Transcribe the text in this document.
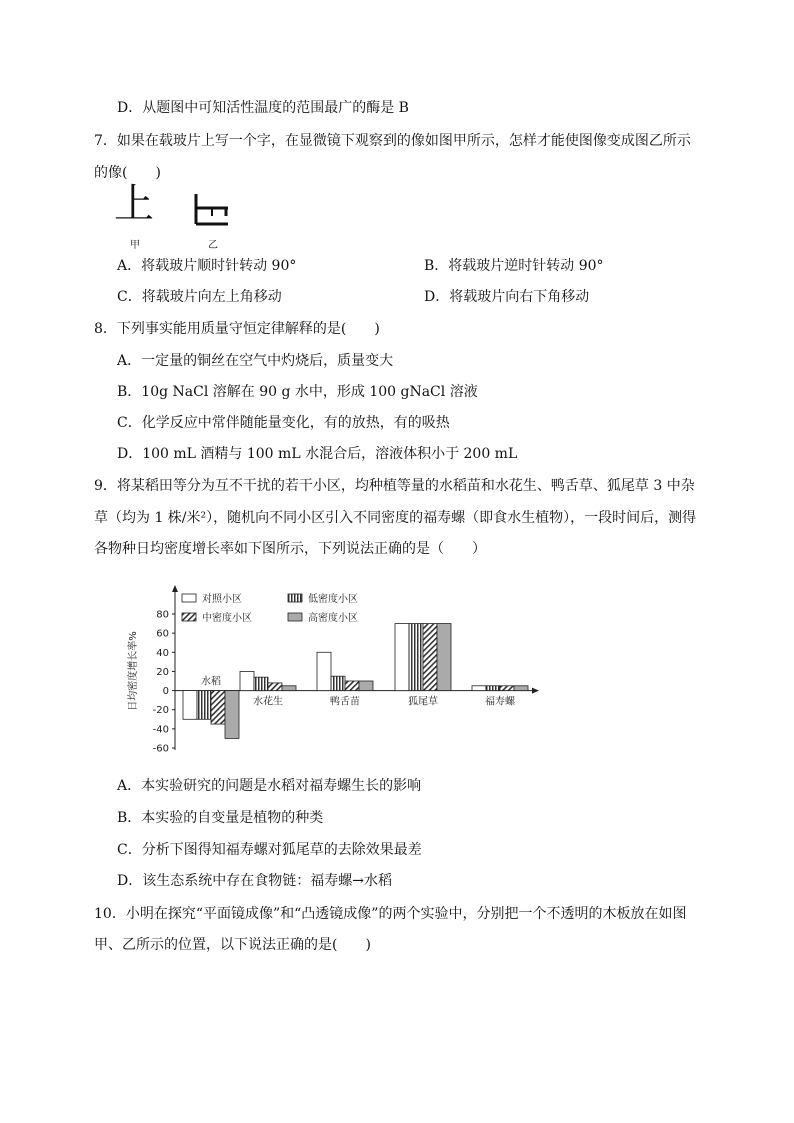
D．从题图中可知活性温度的范围最广的酶是 B
7．如果在载玻片上写一个字，在显微镜下观察到的像如图甲所示，怎样才能使图像变成图乙所示
的像(　　)
上
甲	乙
A．将载玻片顺时针转动 90°	B．将载玻片逆时针转动 90°
C．将载玻片向左上角移动	D．将载玻片向右下角移动
8．下列事实能用质量守恒定律解释的是(　　)
A．一定量的铜丝在空气中灼烧后，质量变大
B．10g NaCl 溶解在 90 g 水中，形成 100 gNaCl 溶液
C．化学反应中常伴随能量变化，有的放热，有的吸热
D．100 mL 酒精与 100 mL 水混合后，溶液体积小于 200 mL
9．将某稻田等分为互不干扰的若干小区，均种植等量的水稻苗和水花生、鸭舌草、狐尾草 3 中杂
草（均为 1 株/米²），随机向不同小区引入不同密度的福寿螺（即食水生植物），一段时间后，测得
各物种日均密度增长率如下图所示，下列说法正确的是（　　）
80
60
40
20
0
-20
-40
-60
日均密度增长率%
对照小区	低密度小区
中密度小区	高密度小区
水稻
水花生	鸭舌苗	狐尾草	福寿螺
A．本实验研究的问题是水稻对福寿螺生长的影响
B．本实验的自变量是植物的种类
C．分析下图得知福寿螺对狐尾草的去除效果最差
D．该生态系统中存在食物链：福寿螺→水稻
10．小明在探究“平面镜成像”和“凸透镜成像”的两个实验中，分别把一个不透明的木板放在如图
甲、乙所示的位置，以下说法正确的是(　　)
